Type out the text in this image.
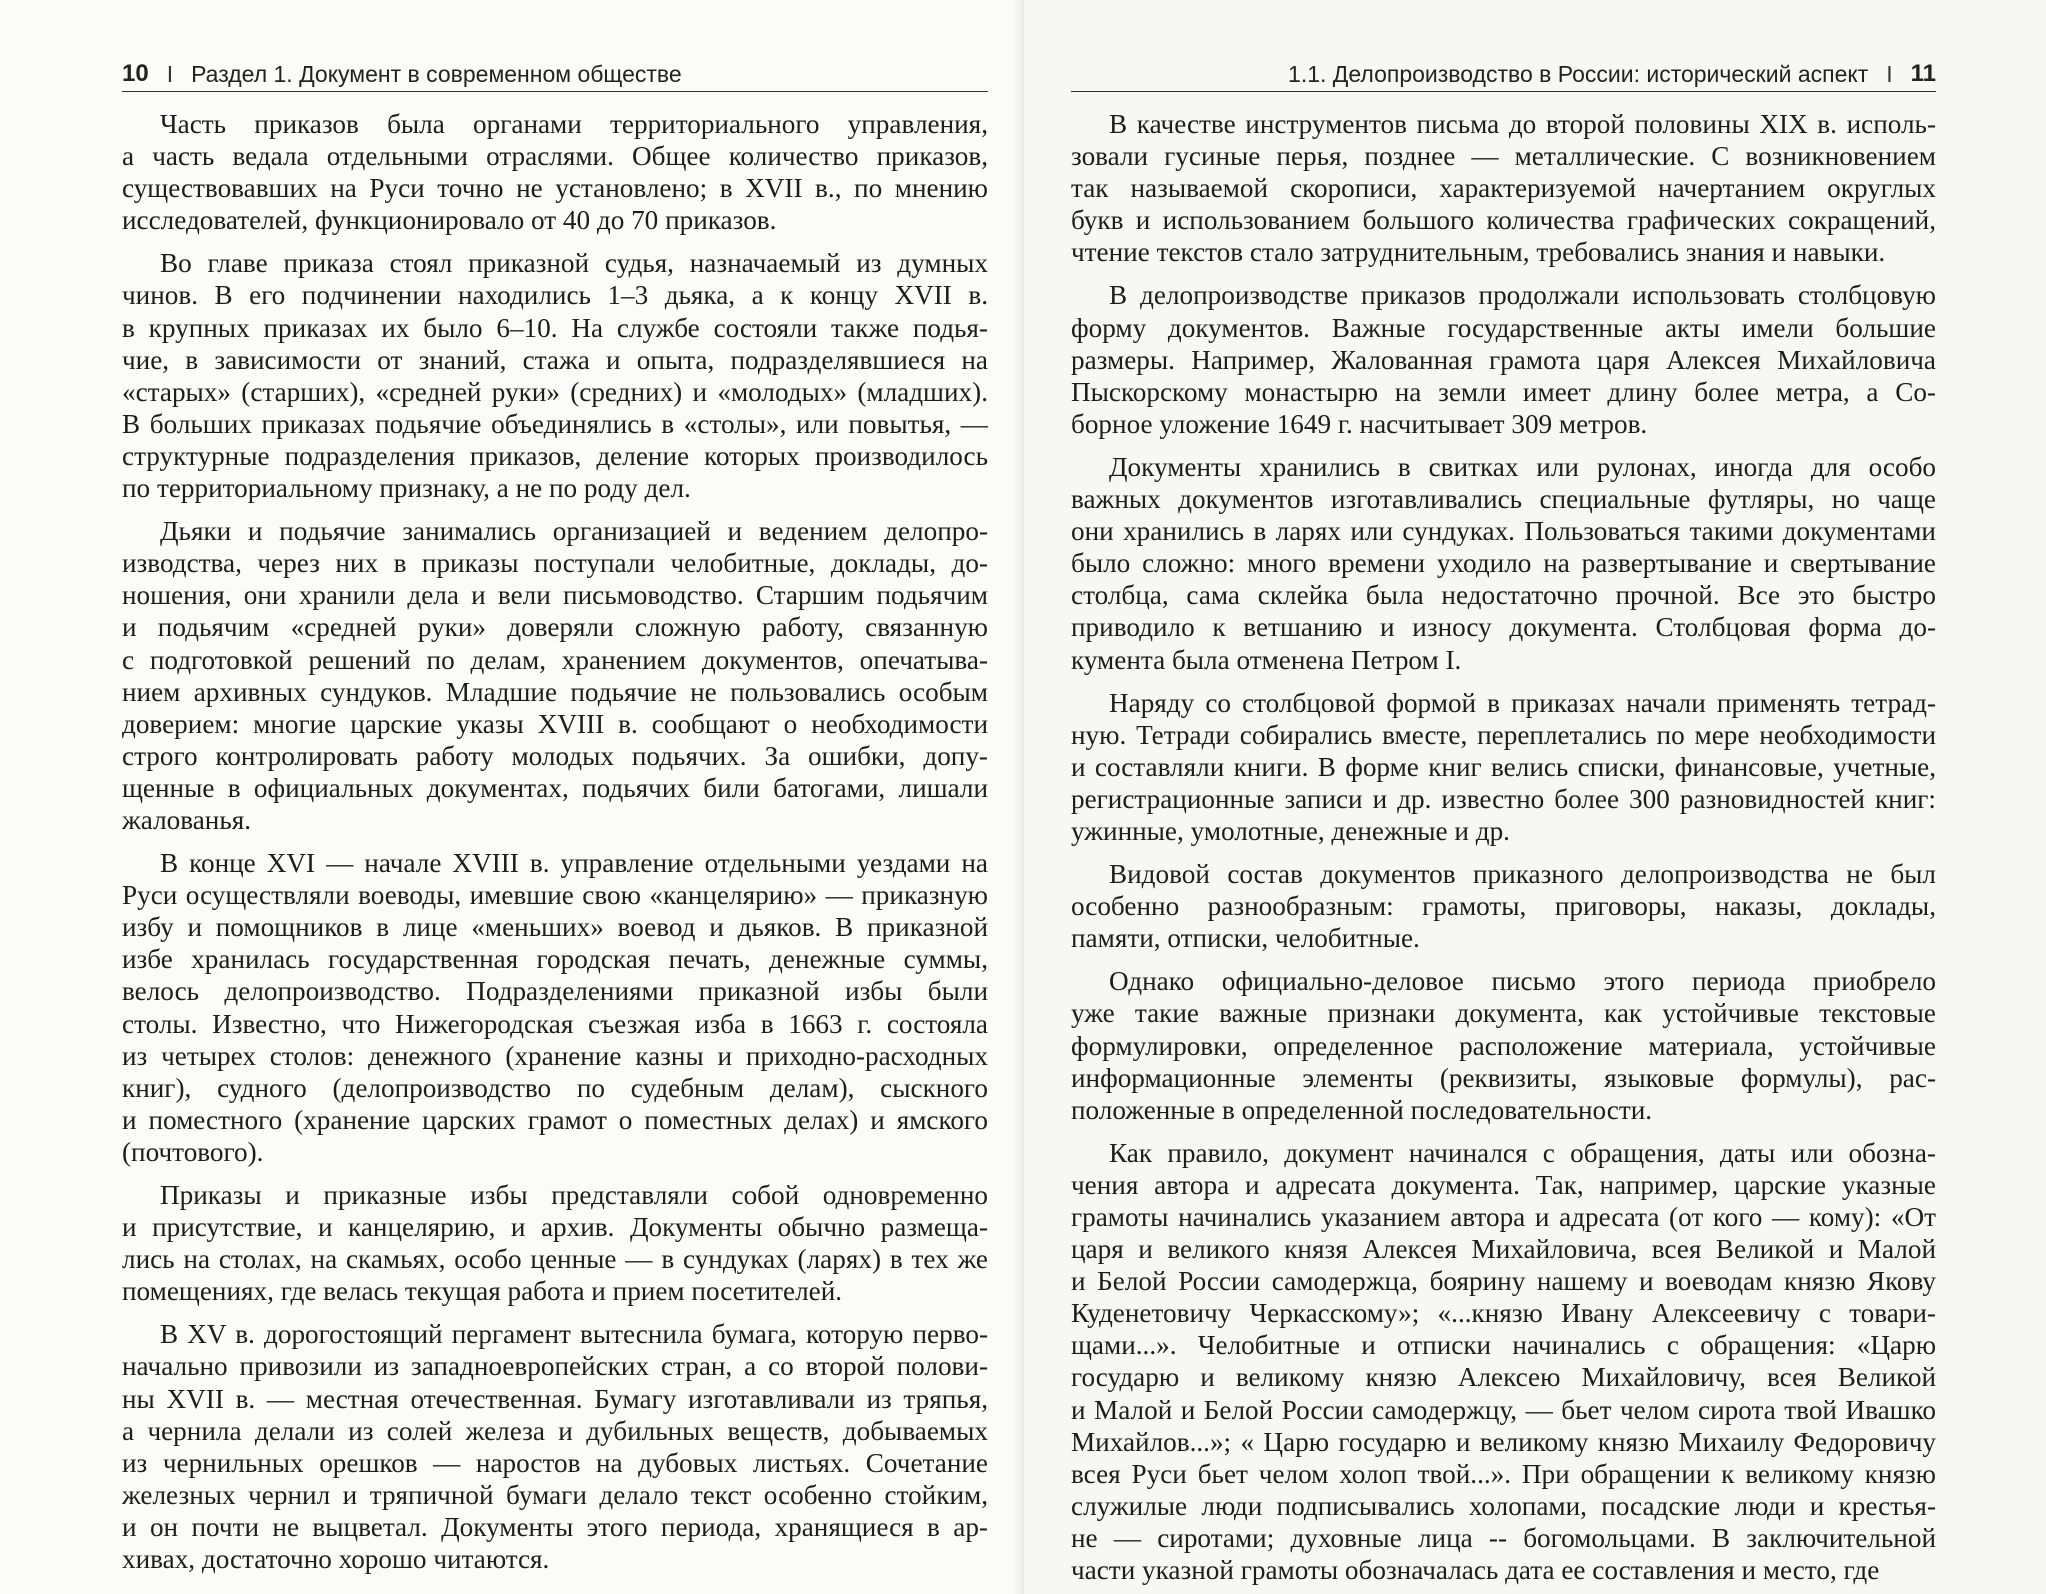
10 I Раздел 1. Документ в современном обществе
Часть приказов была органами территориального управления,
а часть ведала отдельными отраслями. Общее количество приказов,
существовавших на Руси точно не установлено; в XVII в., по мнению
исследователей, функционировало от 40 до 70 приказов.
Во главе приказа стоял приказной судья, назначаемый из думных
чинов. В его подчинении находились 1–3 дьяка, а к концу XVII в.
в крупных приказах их было 6–10. На службе состояли также подья-
чие, в зависимости от знаний, стажа и опыта, подразделявшиеся на
«старых» (старших), «средней руки» (средних) и «молодых» (младших).
В больших приказах подьячие объединялись в «столы», или повытья, —
структурные подразделения приказов, деление которых производилось
по территориальному признаку, а не по роду дел.
Дьяки и подьячие занимались организацией и ведением делопро-
изводства, через них в приказы поступали челобитные, доклады, до-
ношения, они хранили дела и вели письмоводство. Старшим подьячим
и подьячим «средней руки» доверяли сложную работу, связанную
с подготовкой решений по делам, хранением документов, опечатыва-
нием архивных сундуков. Младшие подьячие не пользовались особым
доверием: многие царские указы XVIII в. сообщают о необходимости
строго контролировать работу молодых подьячих. За ошибки, допу-
щенные в официальных документах, подьячих били батогами, лишали
жалованья.
В конце XVI — начале XVIII в. управление отдельными уездами на
Руси осуществляли воеводы, имевшие свою «канцелярию» — приказную
избу и помощников в лице «меньших» воевод и дьяков. В приказной
избе хранилась государственная городская печать, денежные суммы,
велось делопроизводство. Подразделениями приказной избы были
столы. Известно, что Нижегородская съезжая изба в 1663 г. состояла
из четырех столов: денежного (хранение казны и приходно-расходных
книг), судного (делопроизводство по судебным делам), сыскного
и поместного (хранение царских грамот о поместных делах) и ямского
(почтового).
Приказы и приказные избы представляли собой одновременно
и присутствие, и канцелярию, и архив. Документы обычно размеща-
лись на столах, на скамьях, особо ценные — в сундуках (ларях) в тех же
помещениях, где велась текущая работа и прием посетителей.
В XV в. дорогостоящий пергамент вытеснила бумага, которую перво-
начально привозили из западноевропейских стран, а со второй полови-
ны XVII в. — местная отечественная. Бумагу изготавливали из тряпья,
а чернила делали из солей железа и дубильных веществ, добываемых
из чернильных орешков — наростов на дубовых листьях. Сочетание
железных чернил и тряпичной бумаги делало текст особенно стойким,
и он почти не выцветал. Документы этого периода, хранящиеся в ар-
хивах, достаточно хорошо читаются.
1.1. Делопроизводство в России: исторический аспект I 11
В качестве инструментов письма до второй половины XIX в. исполь-
зовали гусиные перья, позднее — металлические. С возникновением
так называемой скорописи, характеризуемой начертанием округлых
букв и использованием большого количества графических сокращений,
чтение текстов стало затруднительным, требовались знания и навыки.
В делопроизводстве приказов продолжали использовать столбцовую
форму документов. Важные государственные акты имели большие
размеры. Например, Жалованная грамота царя Алексея Михайловича
Пыскорскому монастырю на земли имеет длину более метра, а Со-
борное уложение 1649 г. насчитывает 309 метров.
Документы хранились в свитках или рулонах, иногда для особо
важных документов изготавливались специальные футляры, но чаще
они хранились в ларях или сундуках. Пользоваться такими документами
было сложно: много времени уходило на развертывание и свертывание
столбца, сама склейка была недостаточно прочной. Все это быстро
приводило к ветшанию и износу документа. Столбцовая форма до-
кумента была отменена Петром I.
Наряду со столбцовой формой в приказах начали применять тетрад-
ную. Тетради собирались вместе, переплетались по мере необходимости
и составляли книги. В форме книг велись списки, финансовые, учетные,
регистрационные записи и др. известно более 300 разновидностей книг:
ужинные, умолотные, денежные и др.
Видовой состав документов приказного делопроизводства не был
особенно разнообразным: грамоты, приговоры, наказы, доклады,
памяти, отписки, челобитные.
Однако официально-деловое письмо этого периода приобрело
уже такие важные признаки документа, как устойчивые текстовые
формулировки, определенное расположение материала, устойчивые
информационные элементы (реквизиты, языковые формулы), рас-
положенные в определенной последовательности.
Как правило, документ начинался с обращения, даты или обозна-
чения автора и адресата документа. Так, например, царские указные
грамоты начинались указанием автора и адресата (от кого — кому): «От
царя и великого князя Алексея Михайловича, всея Великой и Малой
и Белой России самодержца, боярину нашему и воеводам князю Якову
Куденетовичу Черкасскому»; «...князю Ивану Алексеевичу с товари-
щами...». Челобитные и отписки начинались с обращения: «Царю
государю и великому князю Алексею Михайловичу, всея Великой
и Малой и Белой России самодержцу, — бьет челом сирота твой Ивашко
Михайлов...»; « Царю государю и великому князю Михаилу Федоровичу
всея Руси бьет челом холоп твой...». При обращении к великому князю
служилые люди подписывались холопами, посадские люди и крестья-
не — сиротами; духовные лица -- богомольцами. В заключительной
части указной грамоты обозначалась дата ее составления и место, где
